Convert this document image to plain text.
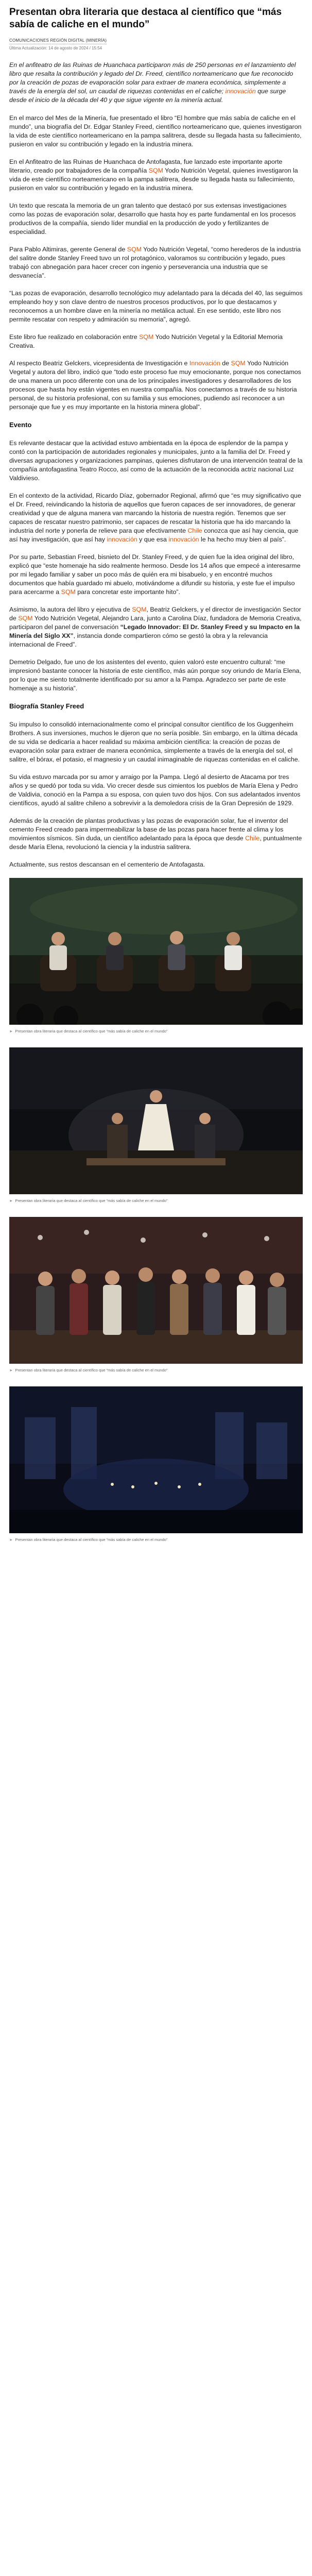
Presentan obra literaria que destaca al científico que “más sabía de caliche en el mundo”
COMUNICACIONES REGIÓN DIGITAL (MINERÍA)
Última Actualización: 14 de agosto de 2024 / 15:54

En el anfiteatro de las Ruinas de Huanchaca participaron más de 250 personas en el lanzamiento del libro que resalta la contribución y legado del Dr. Freed, científico norteamericano que fue reconocido por la creación de pozas de evaporación solar para extraer de manera económica, simplemente a través de la energía del sol, un caudal de riquezas contenidas en el caliche; innovación que surge desde el inicio de la década del 40 y que sigue vigente en la minería actual.

En el marco del Mes de la Minería, fue presentado el libro “El hombre que más sabía de caliche en el mundo”, una biografía del Dr. Edgar Stanley Freed, científico norteamericano que, quienes investigaron la vida de este científico norteamericano en la pampa salitrera, desde su llegada hasta su fallecimiento, pusieron en valor su contribución y legado en la industria minera.

En el Anfiteatro de las Ruinas de Huanchaca de Antofagasta, fue lanzado este importante aporte literario, creado por trabajadores de la compañía SQM Yodo Nutrición Vegetal, quienes investigaron la vida de este científico norteamericano en la pampa salitrera, desde su llegada hasta su fallecimiento, pusieron en valor su contribución y legado en la industria minera.

Un texto que rescata la memoria de un gran talento que destacó por sus extensas investigaciones como las pozas de evaporación solar, desarrollo que hasta hoy es parte fundamental en los procesos productivos de la compañía, siendo líder mundial en la producción de yodo y fertilizantes de especialidad.

Para Pablo Altimiras, gerente General de SQM Yodo Nutrición Vegetal, “como herederos de la industria del salitre donde Stanley Freed tuvo un rol protagónico, valoramos su contribución y legado, pues trabajó con abnegación para hacer crecer con ingenio y perseverancia una industria que se desvanecía”.

“Las pozas de evaporación, desarrollo tecnológico muy adelantado para la década del 40, las seguimos empleando hoy y son clave dentro de nuestros procesos productivos, por lo que destacamos y reconocemos a un hombre clave en la minería no metálica actual. En ese sentido, este libro nos permite rescatar con respeto y admiración su memoria”, agregó.

Este libro fue realizado en colaboración entre SQM Yodo Nutrición Vegetal y la Editorial Memoria Creativa.

Al respecto Beatriz Gelckers, vicepresidenta de Investigación e Innovación de SQM Yodo Nutrición Vegetal y autora del libro, indicó que “todo este proceso fue muy emocionante, porque nos conectamos de una manera un poco diferente con una de los principales investigadores y desarrolladores de los procesos que hasta hoy están vigentes en nuestra compañía. Nos conectamos a través de su historia personal, de su historia profesional, con su familia y sus emociones, pudiendo así reconocer a un personaje que fue y es muy importante en la historia minera global”.

Evento

Es relevante destacar que la actividad estuvo ambientada en la época de esplendor de la pampa y contó con la participación de autoridades regionales y municipales, junto a la familia del Dr. Freed y diversas agrupaciones y organizaciones pampinas, quienes disfrutaron de una intervención teatral de la compañía antofagastina Teatro Rocco, así como de la actuación de la reconocida actriz nacional Luz Valdivieso.

En el contexto de la actividad, Ricardo Díaz, gobernador Regional, afirmó que “es muy significativo que el Dr. Freed, reivindicando la historia de aquellos que fueron capaces de ser innovadores, de generar creatividad y que de alguna manera van marcando la historia de nuestra región. Tenemos que ser capaces de rescatar nuestro patrimonio, ser capaces de rescatar la historia que ha ido marcando la industria del norte y ponerla de relieve para que efectivamente Chile conozca que así hay ciencia, que así hay investigación, que así hay innovación y que esa innovación le ha hecho muy bien al país”.

Por su parte, Sebastian Freed, bisnieto del Dr. Stanley Freed, y de quien fue la idea original del libro, explicó que “este homenaje ha sido realmente hermoso. Desde los 14 años que empecé a interesarme por mi legado familiar y saber un poco más de quién era mi bisabuelo, y en encontré muchos documentos que había guardado mi abuelo, motivándome a difundir su historia, y este fue el impulso para acercarme a SQM para concretar este importante hito”.

Asimismo, la autora del libro y ejecutiva de SQM, Beatriz Gelckers, y el director de investigación Sector de SQM Yodo Nutrición Vegetal, Alejandro Lara, junto a Carolina Díaz, fundadora de Memoria Creativa, participaron del panel de conversación “Legado Innovador: El Dr. Stanley Freed y su Impacto en la Minería del Siglo XX”, instancia donde compartieron cómo se gestó la obra y la relevancia internacional de Freed”.

Demetrio Delgado, fue uno de los asistentes del evento, quien valoró este encuentro cultural: “me impresionó bastante conocer la historia de este científico, más aún porque soy oriundo de María Elena, por lo que me siento totalmente identificado por su amor a la Pampa. Agradezco ser parte de este homenaje a su historia”.

Biografía Stanley Freed

Su impulso lo consolidó internacionalmente como el principal consultor científico de los Guggenheim Brothers. A sus inversiones, muchos le dijeron que no sería posible. Sin embargo, en la última década de su vida se dedicaría a hacer realidad su máxima ambición científica: la creación de pozas de evaporación solar para extraer de manera económica, simplemente a través de la energía del sol, el salitre, el bórax, el potasio, el magnesio y un caudal inimaginable de riquezas contenidas en el caliche.

Su vida estuvo marcada por su amor y arraigo por la Pampa. Llegó al desierto de Atacama por tres años y se quedó por toda su vida. Vio crecer desde sus cimientos los pueblos de María Elena y Pedro de Valdivia, conoció en la Pampa a su esposa, con quien tuvo dos hijos. Con sus adelantados inventos científicos, ayudó al salitre chileno a sobrevivir a la demoledora crisis de la Gran Depresión de 1929.

Además de la creación de plantas productivas y las pozas de evaporación solar, fue el inventor del cemento Freed creado para impermeabilizar la base de las pozas para hacer frente al clima y los movimientos sísmicos. Sin duda, un científico adelantado para la época que desde Chile, puntualmente desde María Elena, revolucionó la ciencia y la industria salitrera.

Actualmente, sus restos descansan en el cementerio de Antofagasta.

► Presentan obra literaria que destaca al científico que “más sabía de caliche en el mundo”
► Presentan obra literaria que destaca al científico que “más sabía de caliche en el mundo”
► Presentan obra literaria que destaca al científico que “más sabía de caliche en el mundo”
► Presentan obra literaria que destaca al científico que “más sabía de caliche en el mundo”
